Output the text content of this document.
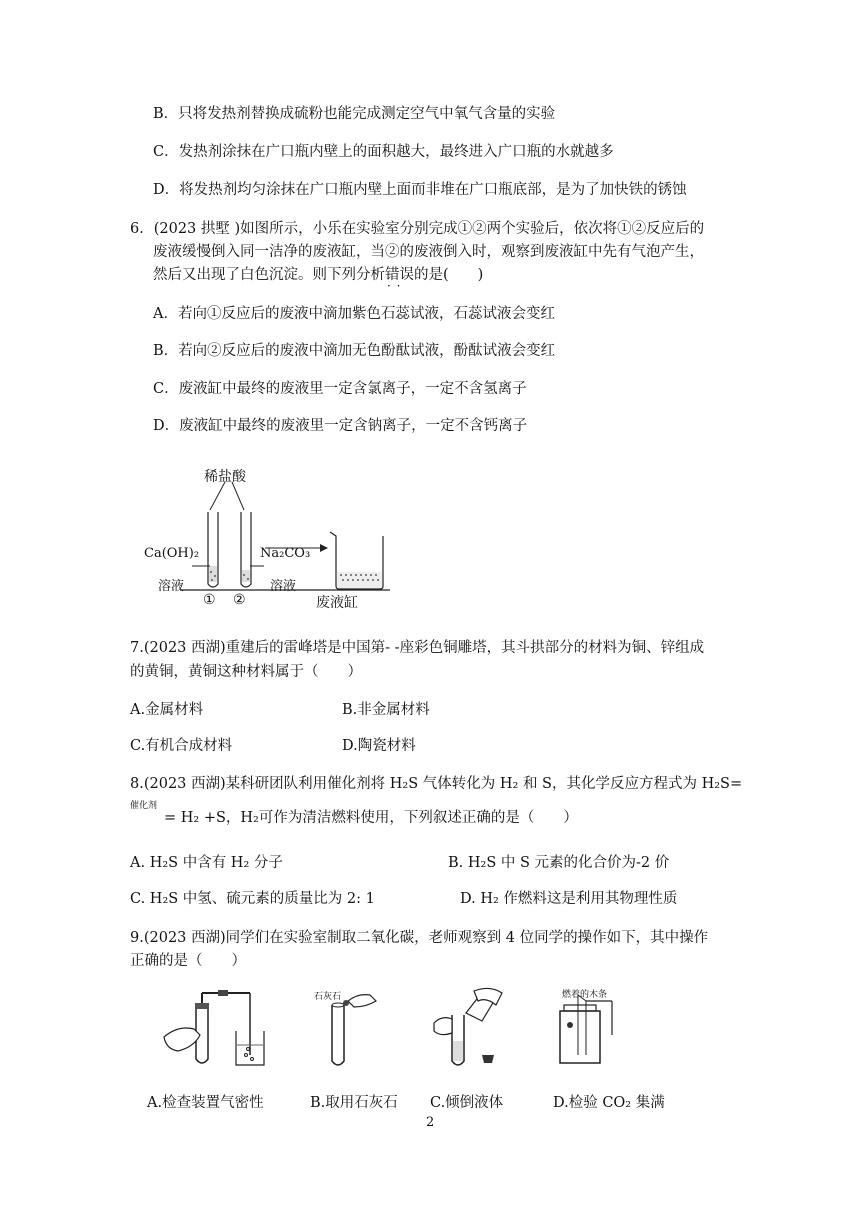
B．只将发热剂替换成硫粉也能完成测定空气中氧气含量的实验
C．发热剂涂抹在广口瓶内壁上的面积越大，最终进入广口瓶的水就越多
D．将发热剂均匀涂抹在广口瓶内壁上面而非堆在广口瓶底部，是为了加快铁的锈蚀
6．(2023 拱墅 )如图所示，小乐在实验室分别完成①②两个实验后，依次将①②反应后的
废液缓慢倒入同一洁净的废液缸，当②的废液倒入时，观察到废液缸中先有气泡产生，
然后又出现了白色沉淀。则下列分析错误 · ·的是(　　)
A．若向①反应后的废液中滴加紫色石蕊试液，石蕊试液会变红
B．若向②反应后的废液中滴加无色酚酞试液，酚酞试液会变红
C．废液缸中最终的废液里一定含氯离子，一定不含氢离子
D．废液缸中最终的废液里一定含钠离子，一定不含钙离子
稀盐酸
Ca(OH)₂
溶液
Na₂CO₃
溶液
① ②	废液缸
7.(2023 西湖)重建后的雷峰塔是中国第- -座彩色铜雕塔，其斗拱部分的材料为铜、锌组成
的黄铜，黄铜这种材料属于（　　）
A.金属材料	B.非金属材料
C.有机合成材料	D.陶瓷材料
8.(2023 西湖)某科研团队利用催化剂将 H₂S 气体转化为 H₂ 和 S，其化学反应方程式为 H₂S=
催化剂
= H₂ +S，H₂可作为清洁燃料使用，下列叙述正确的是（　　）
A. H₂S 中含有 H₂ 分子	B. H₂S 中 S 元素的化合价为-2 价
C. H₂S 中氢、硫元素的质量比为 2: 1	D. H₂ 作燃料这是利用其物理性质
9.(2023 西湖)同学们在实验室制取二氧化碳，老师观察到 4 位同学的操作如下，其中操作
正确的是（　　）
石灰石	燃着的木条
A.检查装置气密性	B.取用石灰石 C.倾倒液体	D.检验 CO₂ 集满
2
